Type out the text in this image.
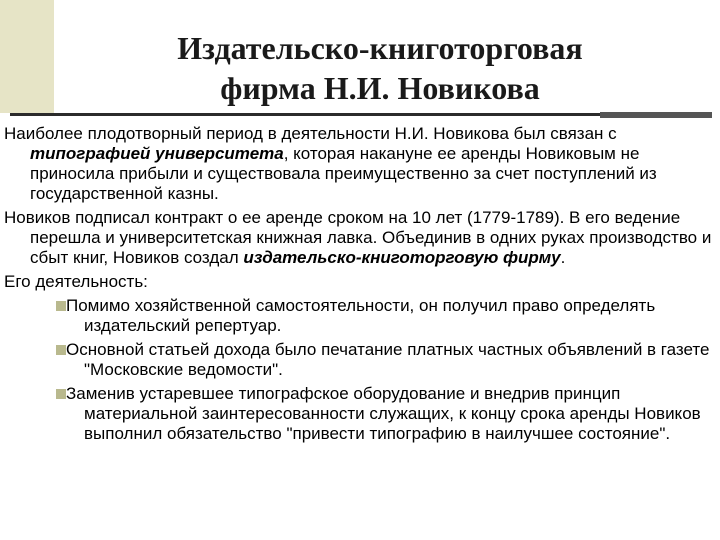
Издательско-книготорговая
фирма Н.И. Новикова

Наиболее плодотворный период в деятельности Н.И. Новикова был связан с типографией университета, которая накануне ее аренды Новиковым не приносила прибыли и существовала преимущественно за счет поступлений из государственной казны.

Новиков подписал контракт о ее аренде сроком на 10 лет (1779-1789). В его ведение перешла и университетская книжная лавка. Объединив в одних руках производство и сбыт книг, Новиков создал издательско-книготорговую фирму.

Его деятельность:

Помимо хозяйственной самостоятельности, он получил право определять издательский репертуар.
Основной статьей дохода было печатание платных частных объявлений в газете "Московские ведомости".
Заменив устаревшее типографское оборудование и внедрив принцип материальной заинтересованности служащих, к концу срока аренды Новиков выполнил обязательство "привести типографию в наилучшее состояние".
